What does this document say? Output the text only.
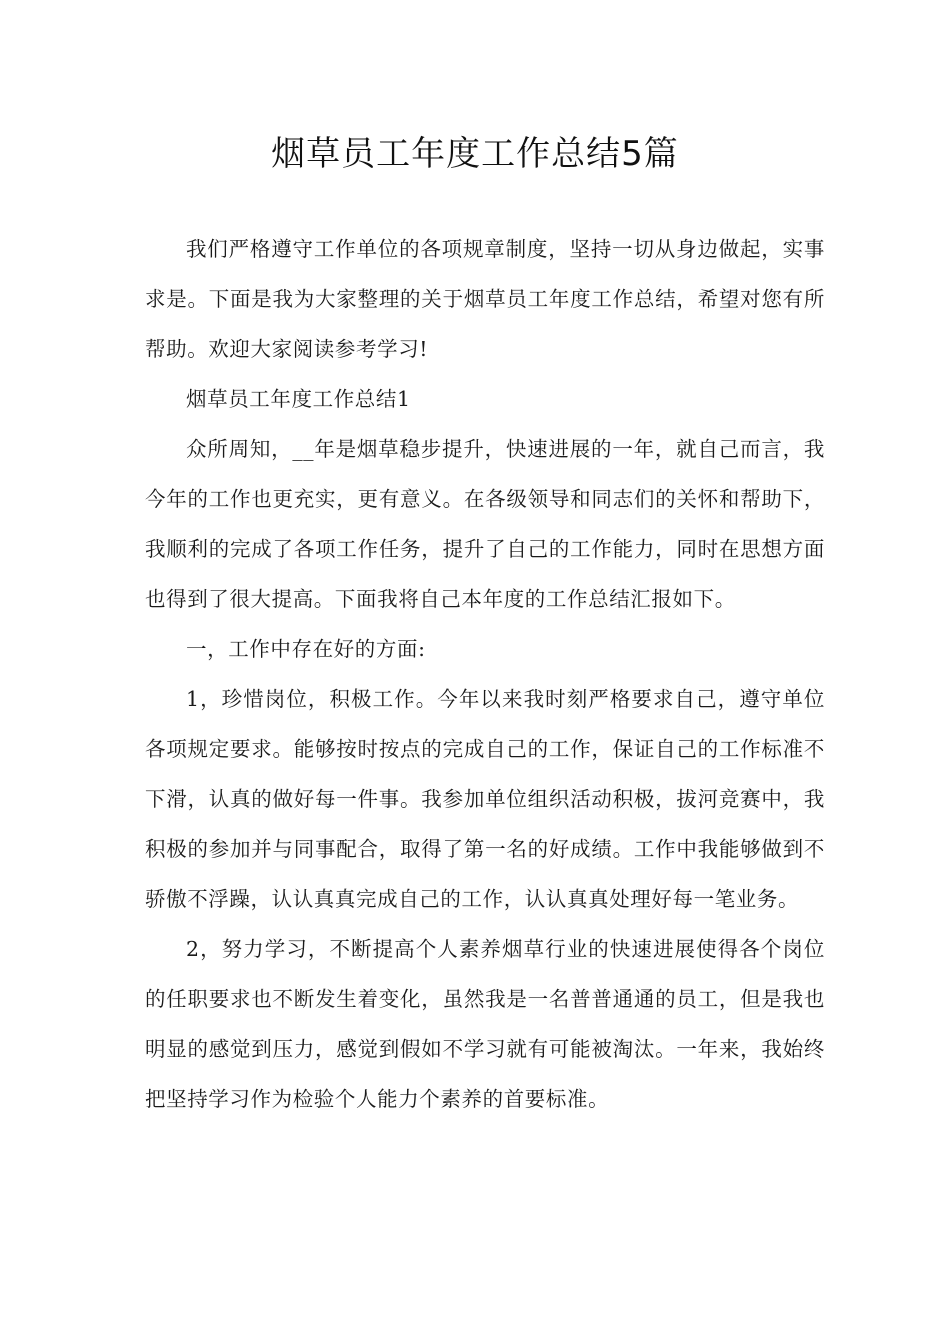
烟草员工年度工作总结5篇

我们严格遵守工作单位的各项规章制度，坚持一切从身边做起，实事求是。下面是我为大家整理的关于烟草员工年度工作总结，希望对您有所帮助。欢迎大家阅读参考学习!

烟草员工年度工作总结1

众所周知，__年是烟草稳步提升，快速进展的一年，就自己而言，我今年的工作也更充实，更有意义。在各级领导和同志们的关怀和帮助下，我顺利的完成了各项工作任务，提升了自己的工作能力，同时在思想方面也得到了很大提高。下面我将自己本年度的工作总结汇报如下。

一，工作中存在好的方面:

1，珍惜岗位，积极工作。今年以来我时刻严格要求自己，遵守单位各项规定要求。能够按时按点的完成自己的工作，保证自己的工作标准不下滑，认真的做好每一件事。我参加单位组织活动积极，拔河竞赛中，我积极的参加并与同事配合，取得了第一名的好成绩。工作中我能够做到不骄傲不浮躁，认认真真完成自己的工作，认认真真处理好每一笔业务。

2，努力学习，不断提高个人素养烟草行业的快速进展使得各个岗位的任职要求也不断发生着变化，虽然我是一名普普通通的员工，但是我也明显的感觉到压力，感觉到假如不学习就有可能被淘汰。一年来，我始终把坚持学习作为检验个人能力个素养的首要标准。
